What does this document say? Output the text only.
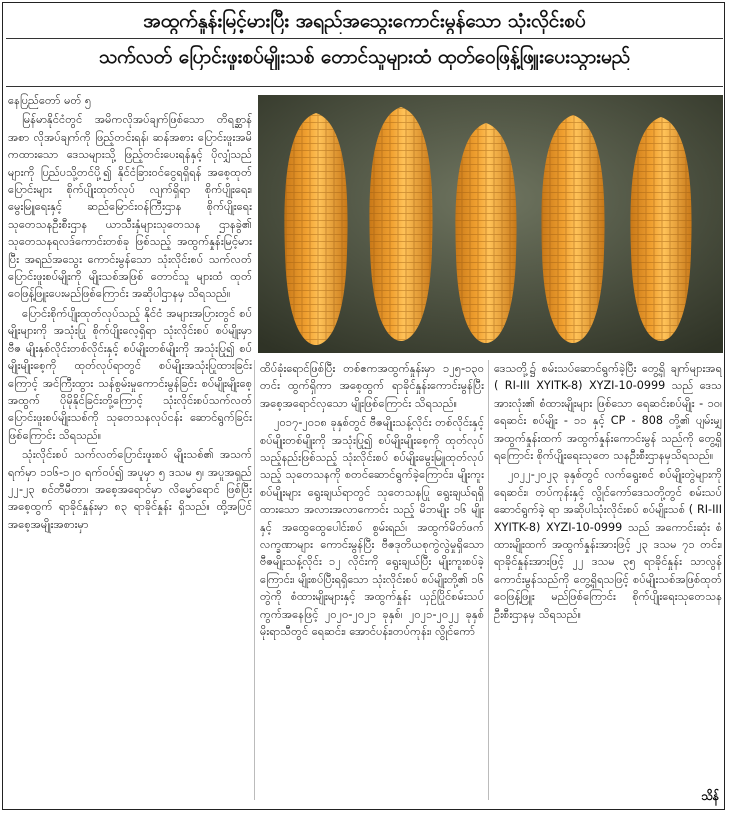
အထွက်နှုန်းမြင့်မားပြီး အရည်အသွေးကောင်းမွန်သော သုံးလိုင်းစပ်
သက်လတ် ပြောင်းဖူးစပ်မျိုးသစ် တောင်သူများထံ ထုတ်ဝေဖြန့်ဖြူးပေးသွားမည်

နေပြည်တော် မတ် ၅

မြန်မာနိုင်ငံတွင် အမိကလိုအပ်ချက်ဖြစ်သော တိရစ္ဆာန်အစာ လိုအပ်ချက်ကို ဖြည့်တင်းရန်၊ ဆန်အစား ပြောင်းဖူးအမိကထားသော ဒေသများသို့ ဖြည့်တင်းပေးရန်နှင့် ပိုလျှံသည်များကို ပြည်ပသို့တင်ပို့၍ နိုင်ငံခြားဝင်ငွေရရှိရန် အစေ့ထုတ်ပြောင်းများ စိုက်ပျိုးထုတ်လုပ် လျက်ရှိရာ စိုက်ပျိုးရေး၊ မွေးမြူရေးနှင့် ဆည်မြောင်းဝန်ကြီးဌာန စိုက်ပျိုးရေး သုတေသနဦးစီးဌာန ယာသီးနှံများသုတေသန ဌာနခွဲ၏ သုတေသနရလဒ်ကောင်းတစ်ခု ဖြစ်သည့် အထွက်နှုန်းမြင့်မားပြီး အရည်အသွေး ကောင်းမွန်သော သုံးလိုင်းစပ် သက်လတ် ပြောင်းဖူးစပ်မျိုးကို မျိုးသစ်အဖြစ် တောင်သူ များထံ ထုတ်ဝေဖြန့်ဖြူးပေးမည်ဖြစ်ကြောင်း အဆိုပါဌာနမှ သိရသည်။

ပြောင်းစိုက်ပျိုးထုတ်လုပ်သည့် နိုင်ငံ အများအပြားတွင် စပ်မျိုးများကို အသုံးပြု စိုက်ပျိုးလေ့ရှိရာ သုံးလိုင်းစပ် စပ်မျိုးမှာ ဗီဇ မျိုးနှစ်လိုင်းတစ်လိုင်းနှင့် စပ်မျိုးတစ်မျိုးကို အသုံးပြု၍ စပ်မျိုးမျိုးစေ့ကို ထုတ်လုပ်ရာတွင် စပ်မျိုးအသုံးပြုထားခြင်းကြောင့် အင်ကြီးထွား သန်စွမ်းမှုကောင်းမွန်ခြင်း စပ်မျိုးမျိုးစေ့ အထွက် ပိုမိုနိုင်ခြင်းတို့ကြောင့် သုံးလိုင်းစပ်သက်လတ် ပြောင်းဖူးစပ်မျိုးသစ်ကို သုတေသနလုပ်ငန်း ဆောင်ရွက်ခြင်းဖြစ်ကြောင်း သိရသည်။

သုံးလိုင်းစပ် သက်လတ်ပြောင်းဖူးစပ် မျိုးသစ်၏ အသက်ရက်မှာ ၁၁၆-၁၂၀ ရက်ဝပ်၍ အပူမှာ ၅ ဒသမ ၅၊ အပူအရှည် ၂၂-၂၃ စင်တီမီတာ၊ အစေ့အရောင်မှာ လိမ္မော်ရောင် ဖြစ်ပြီး အစေ့ထွက် ရာခိုင်နှုန်းမှာ ၈၃ ရာခိုင်နှုန်း ရှိသည်။ ထို့အပြင် အစေ့အမျိုးအစားမှာ

ထိပ်ခုံးရောင်ဖြစ်ပြီး တစ်ဧကအထွက်နှုန်းမှာ ၁၂၅-၁၃၀ တင်း ထွက်ရှိကာ အစေ့ထွက် ရာခိုင်နှုန်းကောင်းမွန်ပြီး အစေ့အရောင်လှသော မျိုးဖြစ်ကြောင်း သိရသည်။

၂၀၁၇-၂၀၁၈ ခုနှစ်တွင် ဗီဇမျိုးသန့်လိုင်း တစ်လိုင်းနှင့် စပ်မျိုးတစ်မျိုးကို အသုံးပြု၍ စပ်မျိုးမျိုးစေ့ကို ထုတ်လုပ်သည့်နည်းဖြစ်သည့် သုံးလိုင်းစပ် စပ်မျိုးမွေးမြူထုတ်လုပ်သည့် သုတေသနကို စတင်ဆောင်ရွက်ခဲ့ကြောင်း၊ မျိုးကူးစပ်မျိုးများ ရွေးချယ်ရာတွင် သုတေသနပြု ရွေးချယ်ရရှိထားသော အလားအလာကောင်း သည့် မိဘမျိုး ၁၆ မျိုးနှင့် အထွေထွေပေါင်းစပ် စွမ်းရည်၊ အထွက်မိတ်ဖက်လက္ခဏာများ ကောင်းမွန်ပြီး ဗီဇဒုတိယစုကွဲလွဲမှုရှိသော ဗီဇမျိုးသန့်လိုင်း ၁၂ လိုင်းကို ရွေးချယ်ပြီး မျိုးကူးစပ်ခဲ့ကြောင်း၊ မျိုးစပ်ပြီးရရှိသော သုံးလိုင်းစပ် စပ်မျိုးတို့၏ ၁၆ တွဲကို စံထားမျိုးများနှင့် အထွက်နှုန်း ယှဉ်ပြိုင်စမ်းသပ်ကွက်အနေဖြင့် ၂၀၂၀-၂၀၂၁ ခုနှစ်၊ ၂၀၂၁-၂၀၂၂ ခုနှစ် မိုးရာသီတွင် ရေဆင်း၊ အောင်ပန်း၊တပ်ကုန်း၊ လွိုင်ကော်

ဒေသတို့၌ စမ်းသပ်ဆောင်ရွက်ခဲ့ပြီး တွေ့ရှိ ချက်များအရ ( RI-III XYITK-8) XYZI-10-0999 သည် ဒေသအားလုံး၏ စံထားမျိုးများ ဖြစ်သော ရေဆင်းစပ်မျိုး - ၁၀၊ ရေဆင်း စပ်မျိုး - ၁၁ နှင့် CP - 808 တို့၏ ပျမ်းမျှ အထွက်နှုန်းထက် အထွက်နှုန်းကောင်းမွန် သည်ကို တွေ့ရှိရကြောင်း စိုက်ပျိုးရေးသုတေ သနဦးစီးဌာနမှသိရသည်။

၂၀၂၂-၂၀၂၃ ခုနှစ်တွင် လက်ရွေးစင် စပ်မျိုးတွဲများကို ရေဆင်း၊ တပ်ကုန်းနှင့် လွိုင်ကော်ဒေသတို့တွင် စမ်းသပ်ဆောင်ရွက်ခဲ့ ရာ အဆိုပါသုံးလိုင်းစပ် စပ်မျိုးသစ် ( RI-III XYITK-8) XYZI-10-0999 သည် အကောင်းဆုံး စံထားမျိုးထက် အထွက်နှုန်းအားဖြင့် ၂၃ ဒသမ ၇၁ တင်း၊ ရာခိုင်နှုန်းအားဖြင့် ၂၂ ဒသမ ၃၅ ရာခိုင်နှုန်း သာလွန်ကောင်းမွန်သည်ကို တွေ့ရှိရသဖြင့် စပ်မျိုးသစ်အဖြစ်ထုတ်ဝေဖြန့်ဖြူး မည်ဖြစ်ကြောင်း စိုက်ပျိုးရေးသုတေသန ဦးစီးဌာနမှ သိရသည်။

သိန်
